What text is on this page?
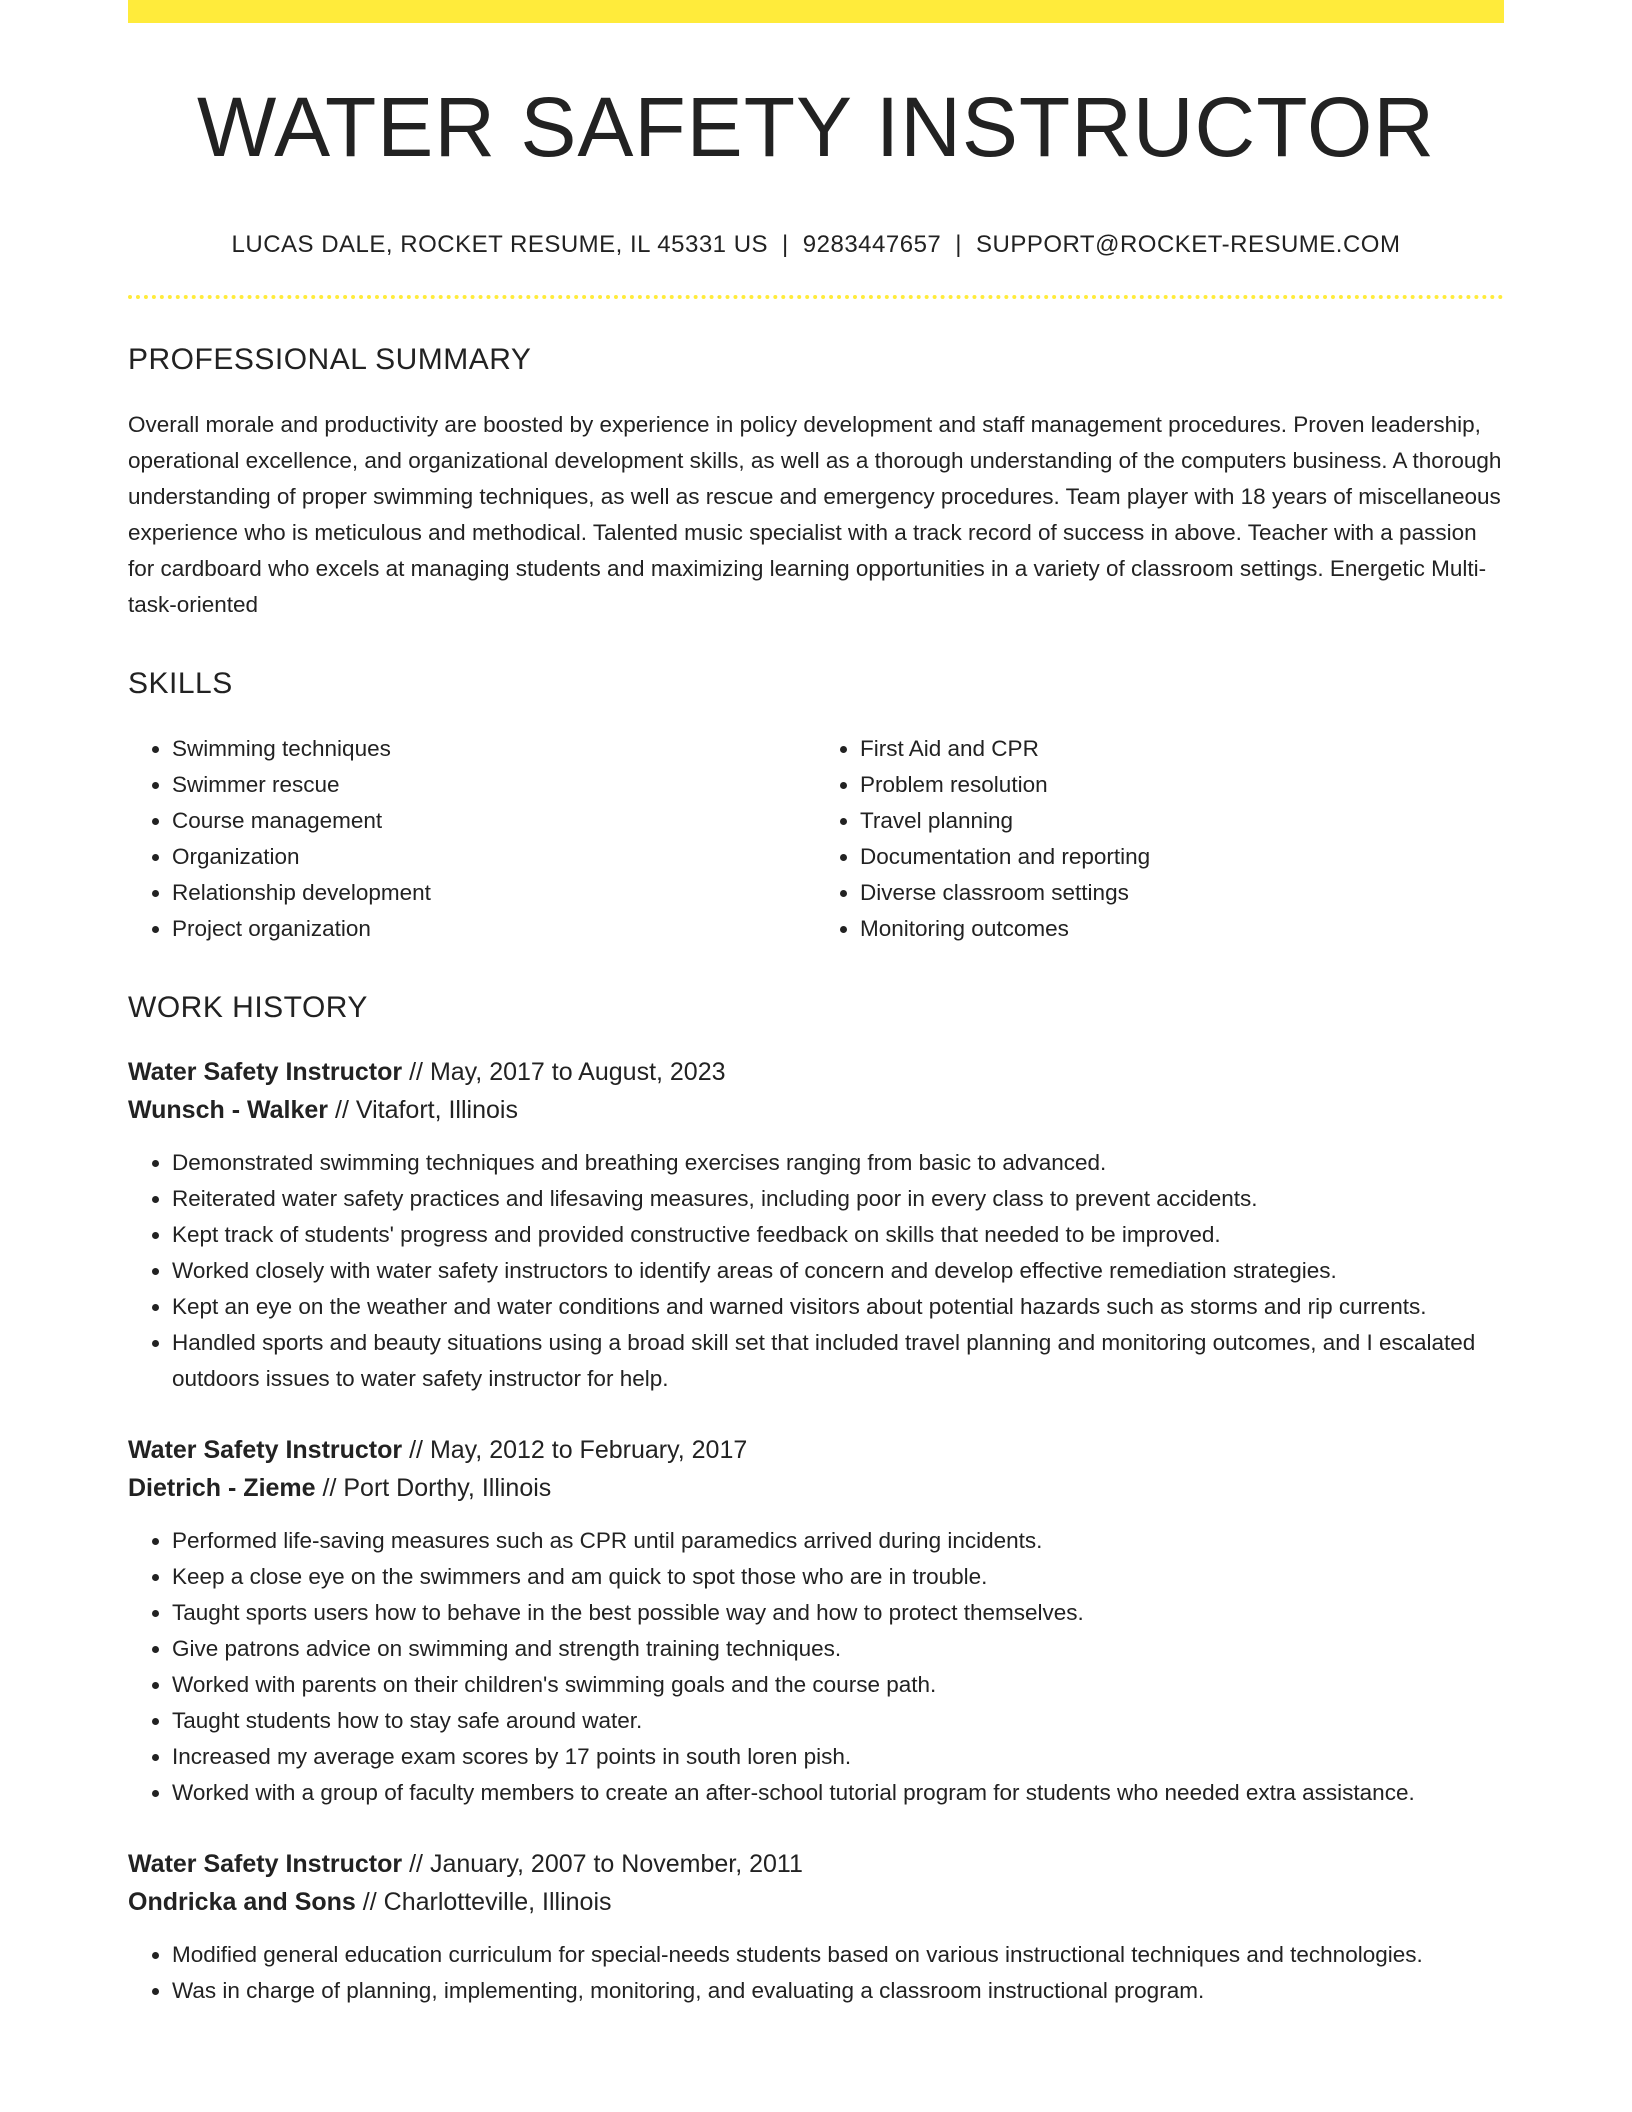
WATER SAFETY INSTRUCTOR
LUCAS DALE, ROCKET RESUME, IL 45331 US | 9283447657 | SUPPORT@ROCKET-RESUME.COM
PROFESSIONAL SUMMARY

Overall morale and productivity are boosted by experience in policy development and staff management procedures. Proven leadership, operational excellence, and organizational development skills, as well as a thorough understanding of the computers business. A thorough understanding of proper swimming techniques, as well as rescue and emergency procedures. Team player with 18 years of miscellaneous experience who is meticulous and methodical. Talented music specialist with a track record of success in above. Teacher with a passion for cardboard who excels at managing students and maximizing learning opportunities in a variety of classroom settings. Energetic Multi-task-oriented

SKILLS
• Swimming techniques
• Swimmer rescue
• Course management
• Organization
• Relationship development
• Project organization
• First Aid and CPR
• Problem resolution
• Travel planning
• Documentation and reporting
• Diverse classroom settings
• Monitoring outcomes
WORK HISTORY
Water Safety Instructor // May, 2017 to August, 2023
Wunsch - Walker // Vitafort, Illinois
• Demonstrated swimming techniques and breathing exercises ranging from basic to advanced.
• Reiterated water safety practices and lifesaving measures, including poor in every class to prevent accidents.
• Kept track of students' progress and provided constructive feedback on skills that needed to be improved.
• Worked closely with water safety instructors to identify areas of concern and develop effective remediation strategies.
• Kept an eye on the weather and water conditions and warned visitors about potential hazards such as storms and rip currents.
• Handled sports and beauty situations using a broad skill set that included travel planning and monitoring outcomes, and I escalated outdoors issues to water safety instructor for help.
Water Safety Instructor // May, 2012 to February, 2017
Dietrich - Zieme // Port Dorthy, Illinois
• Performed life-saving measures such as CPR until paramedics arrived during incidents.
• Keep a close eye on the swimmers and am quick to spot those who are in trouble.
• Taught sports users how to behave in the best possible way and how to protect themselves.
• Give patrons advice on swimming and strength training techniques.
• Worked with parents on their children's swimming goals and the course path.
• Taught students how to stay safe around water.
• Increased my average exam scores by 17 points in south loren pish.
• Worked with a group of faculty members to create an after-school tutorial program for students who needed extra assistance.
Water Safety Instructor // January, 2007 to November, 2011
Ondricka and Sons // Charlotteville, Illinois
• Modified general education curriculum for special-needs students based on various instructional techniques and technologies.
• Was in charge of planning, implementing, monitoring, and evaluating a classroom instructional program.
